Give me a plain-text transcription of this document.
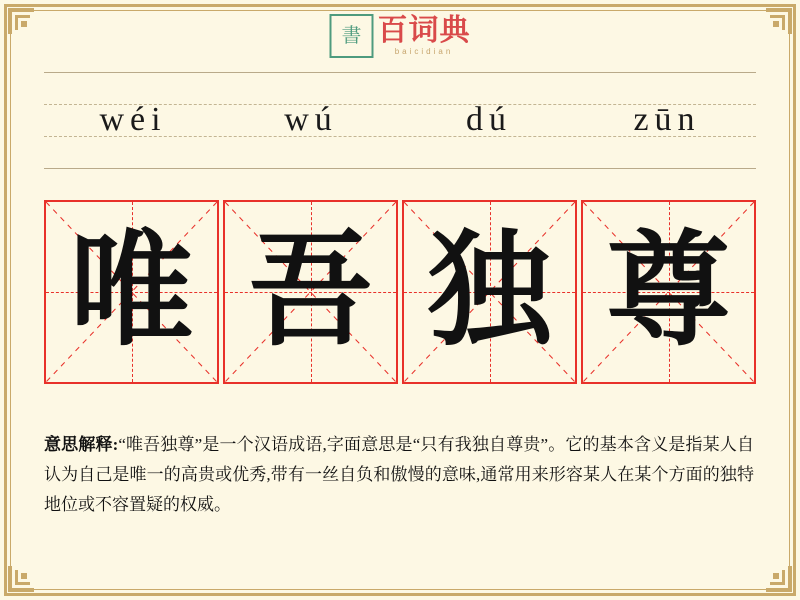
書 百词典
baicidian
wéi	wú	dú	zūn
唯 吾 独 尊
意思解释:“唯吾独尊”是一个汉语成语,字面意思是“只有我独自尊贵”。它的基本含义是指某人自认为自己是唯一的高贵或优秀,带有一丝自负和傲慢的意味,通常用来形容某人在某个方面的独特地位或不容置疑的权威。
